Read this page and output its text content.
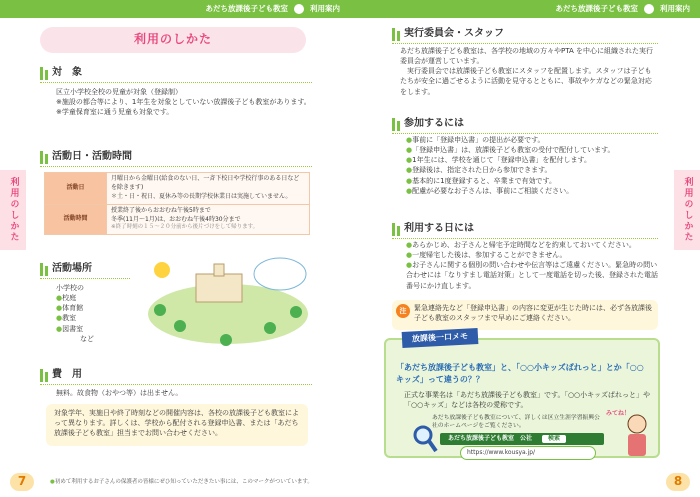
あだち放課後子ども教室	利用案内
利用のしかた
対　象
区立小学校全校の児童が対象（登録制）
※施設の都合等により、1年生を対象としていない放課後子ども教室があります。
※学童保育室に通う児童も対象です。
活動日・活動時間
活動日	月曜日から金曜日(給食のない日、一斉下校日や学校行事のある日などを除きます)
＊土・日・祝日、夏休み等の長期学校休業日は実施していません。
活動時間	授業終了後からおおむね午後5時まで
冬季(11月～1月)は、おおむね午後4時30分まで
※終了時刻の１５～２０分前から後片づけをして帰ります。
活動場所
小学校の
●校庭
●体育館
●教室
●図書室
など
費　用
無料。故食物（おやつ等）は出ません。
対象学年、実施日や終了時刻などの開催内容は、各校の放課後子ども教室によって異なります。詳しくは、学校から配付される登録申込書、または「あだち放課後子ども教室」担当までお問い合わせください。
7	●初めて利用するお子さんの保護者の皆様にぜひ知っていただきたい事には、このマークがついています。
利用のしかた
あだち放課後子ども教室	利用案内
実行委員会・スタッフ
あだち放課後子ども教室は、各学校の地域の方々やPTA を中心に組織された実行委員会が運営しています。
実行委員会では放課後子ども教室にスタッフを配置します。スタッフは子どもたちが安全に過ごせるように活動を見守るとともに、事故やケガなどの緊急対応をします。
参加するには
●事前に「登録申込書」の提出が必要です。
●「登録申込書」は、放課後子ども教室の受付で配付しています。
●1年生には、学校を通じて「登録申込書」を配付します。
●登録後は、指定された日から参加できます。
●基本的に1度登録すると、卒業まで有効です。
●配慮が必要なお子さんは、事前にご相談ください。
利用する日には
●あらかじめ、お子さんと帰宅予定時間などを約束しておいてください。
●一度帰宅した後は、参加することができません。
●お子さんに関する個別の問い合わせや伝言等はご遠慮ください。緊急時の問い合わせには「なりすまし電話対策」として一度電話を切った後、登録された電話番号にかけ直します。
注	緊急連絡先など「登録申込書」の内容に変更が生じた時には、必ず各放課後子ども教室のスタッフまで早めにご連絡ください。
放課後一口メモ
「あだち放課後子ども教室」と、「○○小キッズぱれっと」とか「○○キッズ」って違うの？？
正式な事業名は「あだち放課後子ども教室」です。「○○小キッズぱれっと」や「○○キッズ」などは各校の愛称です。
あだち放課後子ども教室について、詳しくは区立生涯学習振興公社のホームページをご覧ください。
みてね！
あだち放課後子ども教室　公社	検索
https://www.kousya.jp/
8
利用のしかた
